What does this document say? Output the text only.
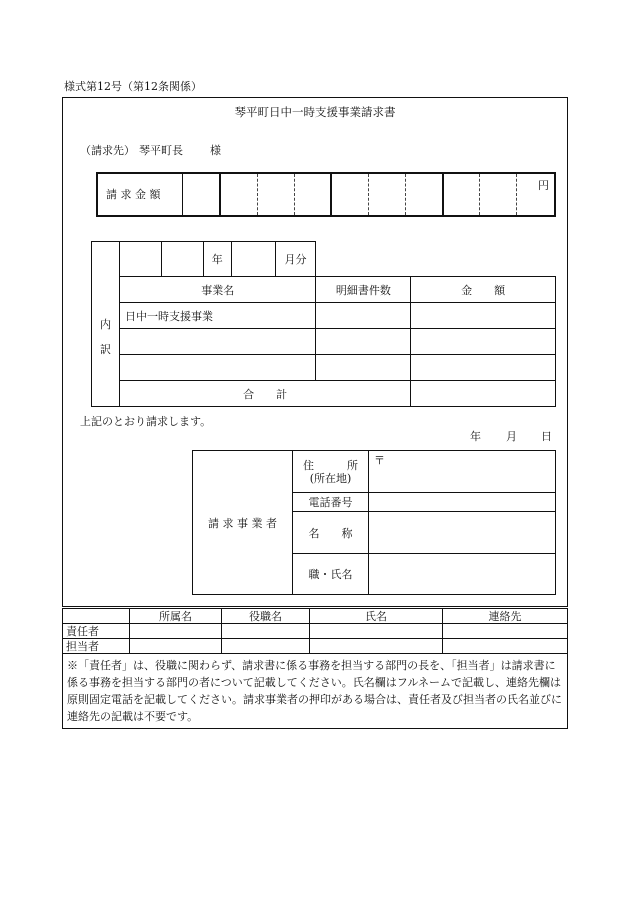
様式第12号（第12条関係）
琴平町日中一時支援事業請求書
（請求先） 琴平町長 様
請 求 金 額
										円
内
訳			年		月分		
	事業名					明細書件数	金　　額
	日中一時支援事業						

	合　　計						
上記のとおり請求します。
年 月 日
請 求 事 業 者	住　　　所
(所在地)	〒
	電話番号	
	名　　称	
	職・氏名	
	所属名	役職名	氏名	連絡先
責任者				
担当者				
※「責任者」は、役職に関わらず、請求書に係る事務を担当する部門の長を、「担当者」は請求書に係る事務を担当する部門の者について記載してください。氏名欄はフルネームで記載し、連絡先欄は原則固定電話を記載してください。請求事業者の押印がある場合は、責任者及び担当者の氏名並びに連絡先の記載は不要です。				
